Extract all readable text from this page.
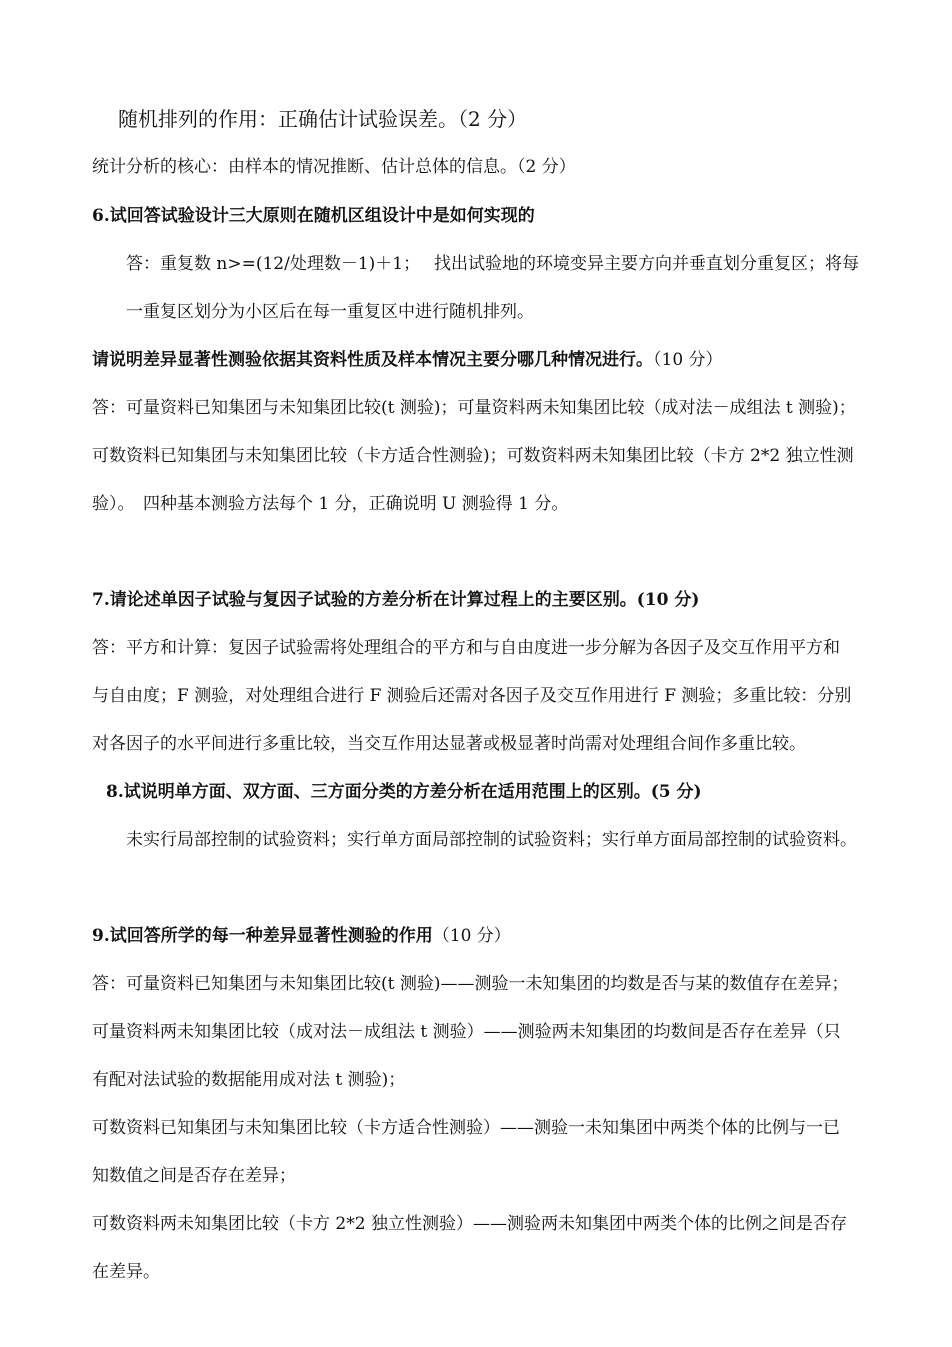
随机排列的作用：正确估计试验误差。（2 分）
统计分析的核心：由样本的情况推断、估计总体的信息。（2 分）
6.试回答试验设计三大原则在随机区组设计中是如何实现的
答：重复数 n>=(12/处理数－1)＋1；　 找出试验地的环境变异主要方向并垂直划分重复区；将每
一重复区划分为小区后在每一重复区中进行随机排列。
请说明差异显著性测验依据其资料性质及样本情况主要分哪几种情况进行。（10 分）
答：可量资料已知集团与未知集团比较(t 测验)；可量资料两未知集团比较（成对法－成组法 t 测验)；
可数资料已知集团与未知集团比较（卡方适合性测验)；可数资料两未知集团比较（卡方 2*2 独立性测
验）。　四种基本测验方法每个 1 分，正确说明 U 测验得 1 分。
7.请论述单因子试验与复因子试验的方差分析在计算过程上的主要区别。(10 分)
答：平方和计算：复因子试验需将处理组合的平方和与自由度进一步分解为各因子及交互作用平方和
与自由度；F 测验，对处理组合进行 F 测验后还需对各因子及交互作用进行 F 测验；多重比较：分别
对各因子的水平间进行多重比较，当交互作用达显著或极显著时尚需对处理组合间作多重比较。
8.试说明单方面、双方面、三方面分类的方差分析在适用范围上的区别。(5 分)
未实行局部控制的试验资料；实行单方面局部控制的试验资料；实行单方面局部控制的试验资料。
9.试回答所学的每一种差异显著性测验的作用（10 分）
答：可量资料已知集团与未知集团比较(t 测验)——测验一未知集团的均数是否与某的数值存在差异；
可量资料两未知集团比较（成对法－成组法 t 测验）——测验两未知集团的均数间是否存在差异（只
有配对法试验的数据能用成对法 t 测验)；
可数资料已知集团与未知集团比较（卡方适合性测验）——测验一未知集团中两类个体的比例与一已
知数值之间是否存在差异；
可数资料两未知集团比较（卡方 2*2 独立性测验）——测验两未知集团中两类个体的比例之间是否存
在差异。
